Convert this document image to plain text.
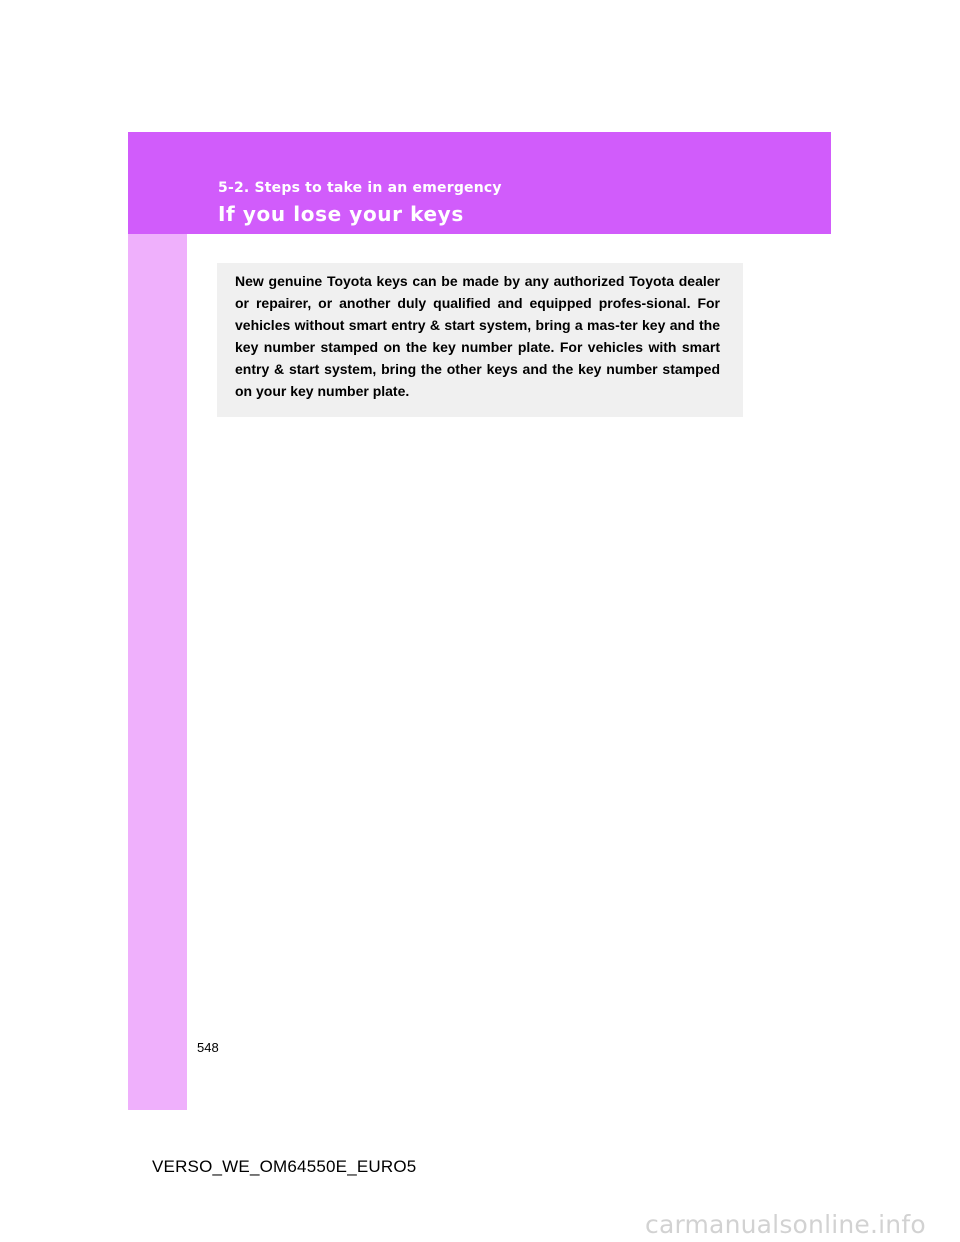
5-2. Steps to take in an emergency
If you lose your keys

New genuine Toyota keys can be made by any authorized Toyota dealer or repairer, or another duly qualified and equipped profes-sional. For vehicles without smart entry & start system, bring a mas-ter key and the key number stamped on the key number plate. For vehicles with smart entry & start system, bring the other keys and the key number stamped on your key number plate.

548
VERSO_WE_OM64550E_EURO5
carmanualsonline.info
